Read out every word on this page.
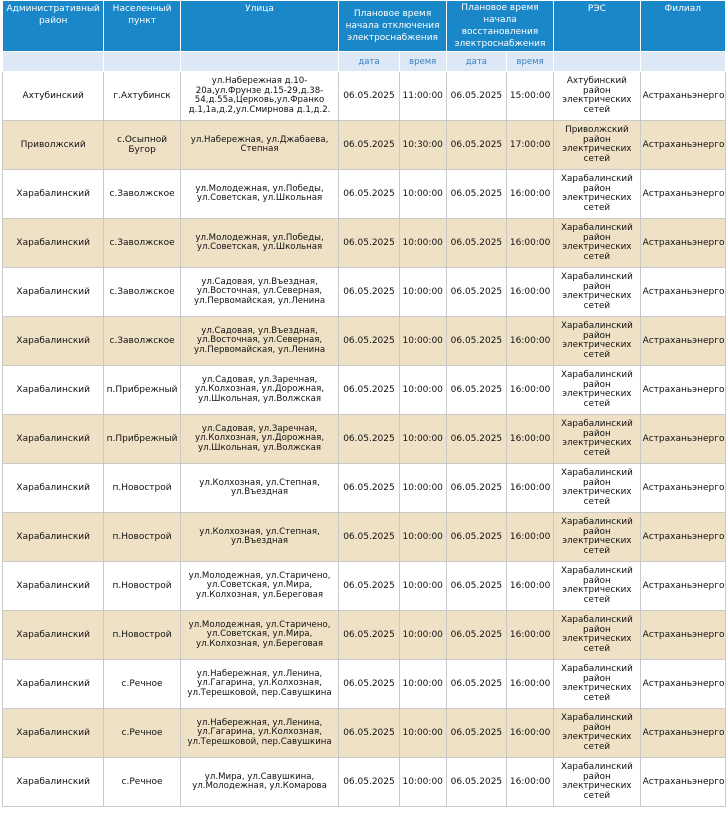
Административный район	Населенный пункт	Улица	Плановое время начала отключения электроснабжения		Плановое время начала восстановления электроснабжения		РЭС	Филиал
			дата	время	дата	время		
Ахтубинский	г.Ахтубинск	ул.Набережная д.10-20а,ул.Фрунзе д.15-29,д.38-54,д.55а,Церковь,ул.Франко д.1,1а,д.2,ул.Смирнова д.1,д.2.	06.05.2025	11:00:00	06.05.2025	15:00:00	Ахтубинский район электрических сетей	Астраханьэнерго
Приволжский	с.Осыпной Бугор	ул.Набережная, ул.Джабаева, Степная	06.05.2025	10:30:00	06.05.2025	17:00:00	Приволжский район электрических сетей	Астраханьэнерго
Харабалинский	с.Заволжское	ул.Молодежная, ул.Победы, ул.Советская, ул.Школьная	06.05.2025	10:00:00	06.05.2025	16:00:00	Харабалинский район электрических сетей	Астраханьэнерго
Харабалинский	с.Заволжское	ул.Молодежная, ул.Победы, ул.Советская, ул.Школьная	06.05.2025	10:00:00	06.05.2025	16:00:00	Харабалинский район электрических сетей	Астраханьэнерго
Харабалинский	с.Заволжское	ул.Садовая, ул.Въездная, ул.Восточная, ул.Северная, ул.Первомайская, ул.Ленина	06.05.2025	10:00:00	06.05.2025	16:00:00	Харабалинский район электрических сетей	Астраханьэнерго
Харабалинский	с.Заволжское	ул.Садовая, ул.Въездная, ул.Восточная, ул.Северная, ул.Первомайская, ул.Ленина	06.05.2025	10:00:00	06.05.2025	16:00:00	Харабалинский район электрических сетей	Астраханьэнерго
Харабалинский	п.Прибрежный	ул.Садовая, ул.Заречная, ул.Колхозная, ул.Дорожная, ул.Школьная, ул.Волжская	06.05.2025	10:00:00	06.05.2025	16:00:00	Харабалинский район электрических сетей	Астраханьэнерго
Харабалинский	п.Прибрежный	ул.Садовая, ул.Заречная, ул.Колхозная, ул.Дорожная, ул.Школьная, ул.Волжская	06.05.2025	10:00:00	06.05.2025	16:00:00	Харабалинский район электрических сетей	Астраханьэнерго
Харабалинский	п.Новострой	ул.Колхозная, ул.Степная, ул.Въездная	06.05.2025	10:00:00	06.05.2025	16:00:00	Харабалинский район электрических сетей	Астраханьэнерго
Харабалинский	п.Новострой	ул.Колхозная, ул.Степная, ул.Въездная	06.05.2025	10:00:00	06.05.2025	16:00:00	Харабалинский район электрических сетей	Астраханьэнерго
Харабалинский	п.Новострой	ул.Молодежная, ул.Старичено, ул.Советская, ул.Мира, ул.Колхозная, ул.Береговая	06.05.2025	10:00:00	06.05.2025	16:00:00	Харабалинский район электрических сетей	Астраханьэнерго
Харабалинский	п.Новострой	ул.Молодежная, ул.Старичено, ул.Советская, ул.Мира, ул.Колхозная, ул.Береговая	06.05.2025	10:00:00	06.05.2025	16:00:00	Харабалинский район электрических сетей	Астраханьэнерго
Харабалинский	с.Речное	ул.Набережная, ул.Ленина, ул.Гагарина, ул.Колхозная, ул.Терешковой, пер.Савушкина	06.05.2025	10:00:00	06.05.2025	16:00:00	Харабалинский район электрических сетей	Астраханьэнерго
Харабалинский	с.Речное	ул.Набережная, ул.Ленина, ул.Гагарина, ул.Колхозная, ул.Терешковой, пер.Савушкина	06.05.2025	10:00:00	06.05.2025	16:00:00	Харабалинский район электрических сетей	Астраханьэнерго
Харабалинский	с.Речное	ул.Мира, ул.Савушкина, ул.Молодежная, ул.Комарова	06.05.2025	10:00:00	06.05.2025	16:00:00	Харабалинский район электрических сетей	Астраханьэнерго
